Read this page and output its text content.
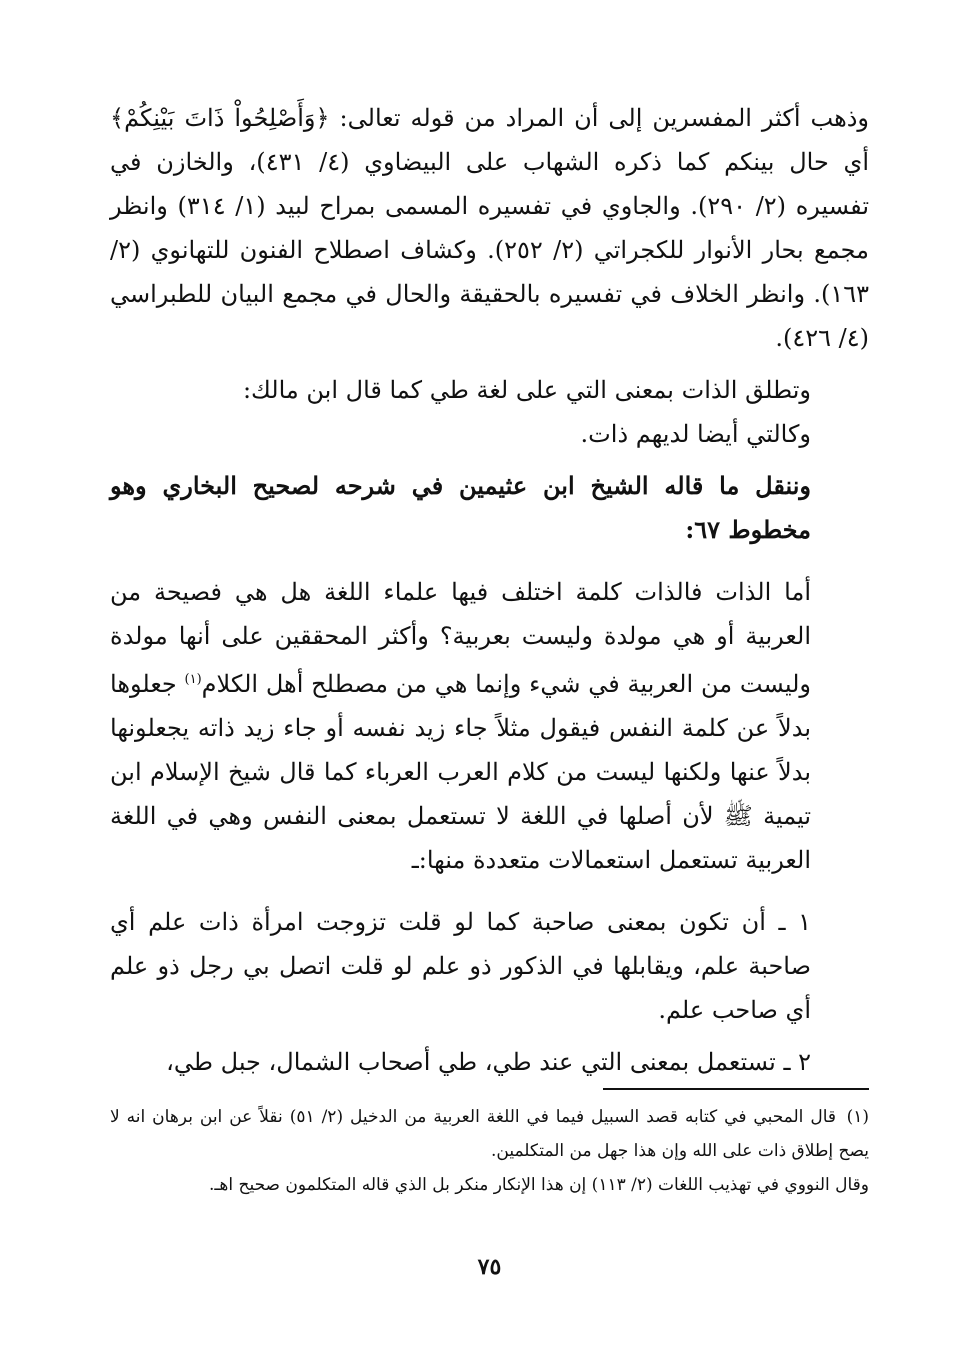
وذهب أكثر المفسرين إلى أن المراد من قوله تعالى: ﴿وَأَصْلِحُواْ ذَاتَ بَيْنِكُمْ﴾ أي حال بينكم كما ذكره الشهاب على البيضاوي (٤/ ٤٣١)، والخازن في تفسيره (٢/ ٢٩٠). والجاوي في تفسيره المسمى بمراح لبيد (١/ ٣١٤) وانظر مجمع بحار الأنوار للكجراتي (٢/ ٢٥٢). وكشاف اصطلاح الفنون للتهانوي (٢/ ١٦٣). وانظر الخلاف في تفسيره بالحقيقة والحال في مجمع البيان للطبراسي (٤/ ٤٢٦).

وتطلق الذات بمعنى التي على لغة طي كما قال ابن مالك:

وكالتي أيضا لديهم ذات.

وننقل ما قاله الشيخ ابن عثيمين في شرحه لصحيح البخاري وهو مخطوط ٦٧:

أما الذات فالذات كلمة اختلف فيها علماء اللغة هل هي فصيحة من العربية أو هي مولدة وليست بعربية؟ وأكثر المحققين على أنها مولدة وليست من العربية في شيء وإنما هي من مصطلح أهل الكلام$^{(١)}$ جعلوها بدلاً عن كلمة النفس فيقول مثلاً جاء زيد نفسه أو جاء زيد ذاته يجعلونها بدلاً عنها ولكنها ليست من كلام العرب العرباء كما قال شيخ الإسلام ابن تيمية ﷺ لأن أصلها في اللغة لا تستعمل بمعنى النفس وهي في اللغة العربية تستعمل استعمالات متعددة منها:ـ

١ ـ أن تكون بمعنى صاحبة كما لو قلت تزوجت امرأة ذات علم أي صاحبة علم، ويقابلها في الذكور ذو علم لو قلت اتصل بي رجل ذو علم أي صاحب علم.

٢ ـ تستعمل بمعنى التي عند طي، طي أصحاب الشمال، جبل طي،

(١) قال المحبي في كتابه قصد السبيل فيما في اللغة العربية من الدخيل (٢/ ٥١) نقلاً عن ابن برهان انه لا يصح إطلاق ذات على الله وإن هذا جهل من المتكلمين.

وقال النووي في تهذيب اللغات (٢/ ١١٣) إن هذا الإنكار منكر بل الذي قاله المتكلمون صحيح اهـ.

٧٥
